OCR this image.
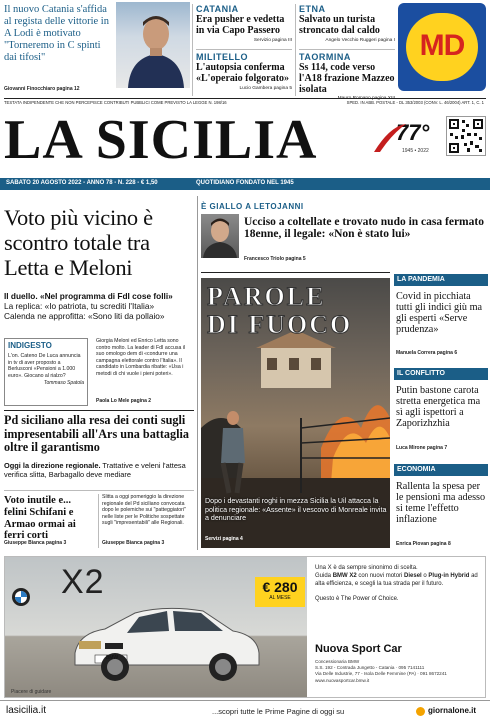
Il nuovo Catania s'affida al regista delle vittorie in A Lodi è motivato "Torneremo in C spinti dai tifosi"
Giovanni Finocchiaro pagina 12
CATANIA
Era pusher e vedetta in via Capo Passero
Servizio pagina III
MILITELLO
L'autopsia conferma «L'operaio folgorato»
Lucio Gambera pagina 5
ETNA
Salvato un turista stroncato dal caldo
Angelo Vecchio Ruggeri pagina I
TAORMINA
Ss 114, code verso l'A18 frazione Mazzeo isolata
MD
TESTATA INDIPENDENTE CHE NON PERCEPISCE CONTRIBUTI PUBBLICI COME PREVISTO LA LEGGE N. 198/16	SPED. IN ABB. POSTALE - DL 353/2003 (CONV. L. 46/2004) ART. 1, C. 1
LA SICILIA	77°
1945 • 2022
SABATO 20 AGOSTO 2022 - ANNO 78 - N. 228 - € 1,50	QUOTIDIANO FONDATO NEL 1945
Voto più vicino è scontro totale tra Letta e Meloni
Il duello. «Nel programma di FdI cose folli»
La replica: «Io patriota, tu screditi l'Italia»
Calenda ne approfitta: «Sono liti da pollaio»
INDIGESTO
L'on. Cateno De Luca annuncia in tv di aver proposto a Berlusconi «Pensioni a 1.000 euro». Giocano al rialzo?
Tommaso Spatola
Giorgia Meloni ed Enrico Letta sono contro molto. La leader di FdI accusa il suo omologo dem di «condurre una campagna elettorale contro l'Italia». Il candidato in Lombardia ribatte: «Usa i metodi di chi vuole i pieni poteri».
Paola Lo Mele pagina 2
Pd siciliano alla resa dei conti sugli impresentabili all'Ars una battaglia oltre il garantismo
Oggi la direzione regionale. Trattative e veleni l'attesa verifica slitta, Barbagallo deve mediare
Voto inutile e... felini Schifani e Armao ormai ai ferri corti
Giuseppe Bianca pagina 3
Slitta a oggi pomeriggio la direzione regionale del Pd siciliano convocata dopo le polemiche sui "patteggiatori" nelle liste per le Politiche sospettate sugli "impresentabili" alle Regionali.
Giuseppe Bianca pagina 3
È GIALLO A LETOJANNI
Ucciso a coltellate e trovato nudo in casa fermato 18enne, il legale: «Non è stato lui»
Francesco Triolo pagina 5
PAROLE
DI FUOCO
Dopo i devastanti roghi in mezza Sicilia la Uil attacca la politica regionale: «Assente» il vescovo di Monreale invita a denunciare
Servizi pagina 4
LA PANDEMIA
Covid in picchiata tutti gli indici giù ma gli esperti «Serve prudenza»
Manuela Correra pagina 6
IL CONFLITTO
Putin bastone carota stretta energetica ma sì agli ispettori a Zaporizhzhia
Luca Mirone pagina 7
ECONOMIA
Rallenta la spesa per le pensioni ma adesso si teme l'effetto inflazione
Enrica Piovan pagina 8
X2
BMW
€ 280
AL MESE
Piacere di guidare
Una X è da sempre sinonimo di scelta.
Guida BMW X2 con nuovi motori Diesel o Plug-in Hybrid ad alta efficienza, e scegli la tua strada per il futuro.
Questo è The Power of Choice.
Nuova Sport Car
Concessionaria BMW
S.S. 192 - Contrada Jungetto - Catania · 095 7141111
Via Delle Industrie, 77 - Isola Delle Femmine (PA) · 091 8672241
www.nuovasportcar.bmw.it
lasicilia.it	...scopri tutte le Prime Pagine di oggi su	giornalone.it
